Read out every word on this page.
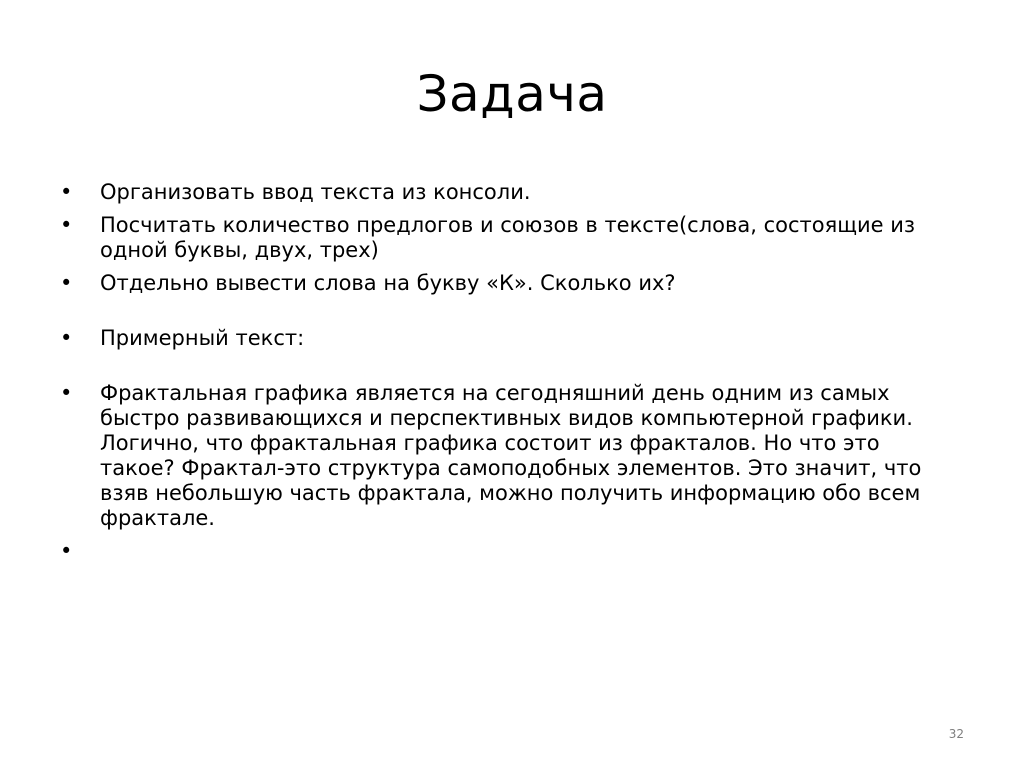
Задача
•	Организовать ввод текста из консоли.
•	Посчитать количество предлогов и союзов в тексте(слова, состоящие из одной буквы, двух, трех)
•	Отдельно вывести слова на букву «К». Сколько их?
•	Примерный текст:
•	Фрактальная графика является на сегодняшний день одним из самых быстро развивающихся и перспективных видов компьютерной графики. Логично, что фрактальная графика состоит из фракталов. Но что это такое? Фрактал-это структура самоподобных элементов. Это значит, что взяв небольшую часть фрактала, можно получить информацию обо всем фрактале.
•

32
